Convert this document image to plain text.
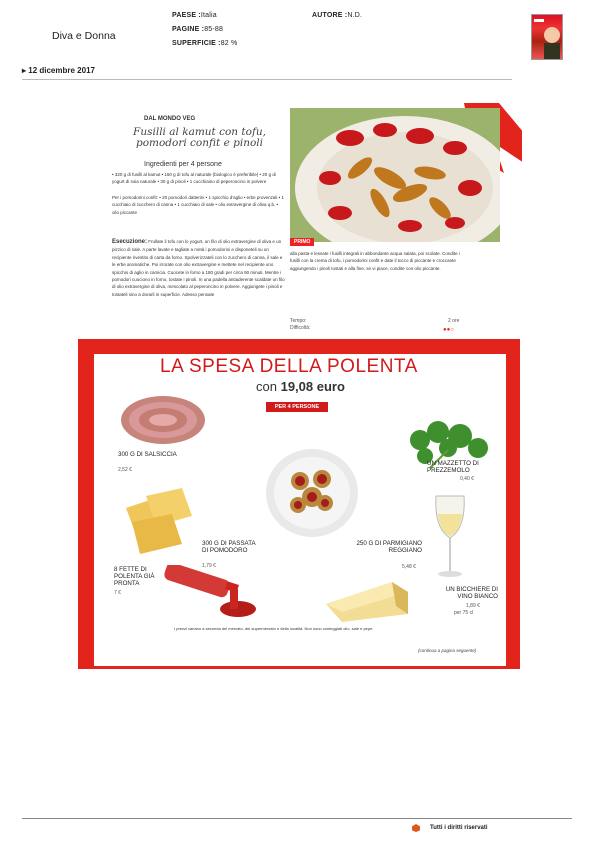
Diva e Donna
PAESE :Italia
PAGINE :85-88
SUPERFICIE :82 %
AUTORE :N.D.
▸ 12 dicembre 2017
DAL MONDO VEG
Fusilli al kamut con tofu, pomodori confit e pinoli
Ingredienti per 4 persone
• 320 g di fusilli al kamut • 150 g di tofu al naturale (biologico è preferibile) • 20 g di yogurt di soia naturale • 30 g di pinoli • 1 cucchiaino di peperoncino in polvere
Per i pomodorini confit: • 20 pomodori datterini • 1 spicchio d'aglio • erbe provenzali • 1 cucchiaio di zucchero di canna • 1 cucchiaio di sale • olio extravergine di oliva q.b. • olio piccante
Esecuzione: Frullate il tofu con lo yogurt, un filo di olio extravergine di oliva e un pizzico di sale. A parte lavate e tagliate a metà i pomodorini e disponeteli su un recipiente rivestito di carta da forno. Spolverizzateli con lo zucchero di canna, il sale e le erbe aromatiche. Poi irrorate con olio extravergine e mettete nel recipiente uno spicchio di aglio in camicia. Cuocete in forno a 180 gradi per circa 90 minuti. Mentre i pomodori cuociono in forno, tostate i pinoli. In una padella antiaderente scaldate un filo di olio extravergine di oliva, mescolato al peperoncino in polvere. Aggiungete i pinoli e tostateli sino a dorarli in superficie. Adesso pensate
PRIMO
alla pasta e lessate i fusilli integrali in abbondante acqua salata, poi scolate. Condite i fusilli con la crema di tofu, i pomodorini confit e date il tocco di piccante e croccante aggiungendo i pinoli tostati e alla fine, se vi piace, condite con olio piccante.
Tempo:
Difficoltà:
2 ore
●●○
LA SPESA DELLA POLENTA
con 19,08 euro
PER 4 PERSONE
300 G DI SALSICCIA
2,52 €
UN MAZZETTO DI PREZZEMOLO
0,40 €
8 FETTE DI POLENTA GIÀ PRONTA
7 €
300 G DI PASSATA DI POMODORO
1,79 €
250 G DI PARMIGIANO REGGIANO
5,48 €
UN BICCHIERE DI VINO BIANCO
1,89 €
per 75 cl
I prezzi variano a seconda del mercato, del supermercato e della località. Non sono conteggiati olio, sale e pepe.
(continua a pagina seguente)
Tutti i diritti riservati
